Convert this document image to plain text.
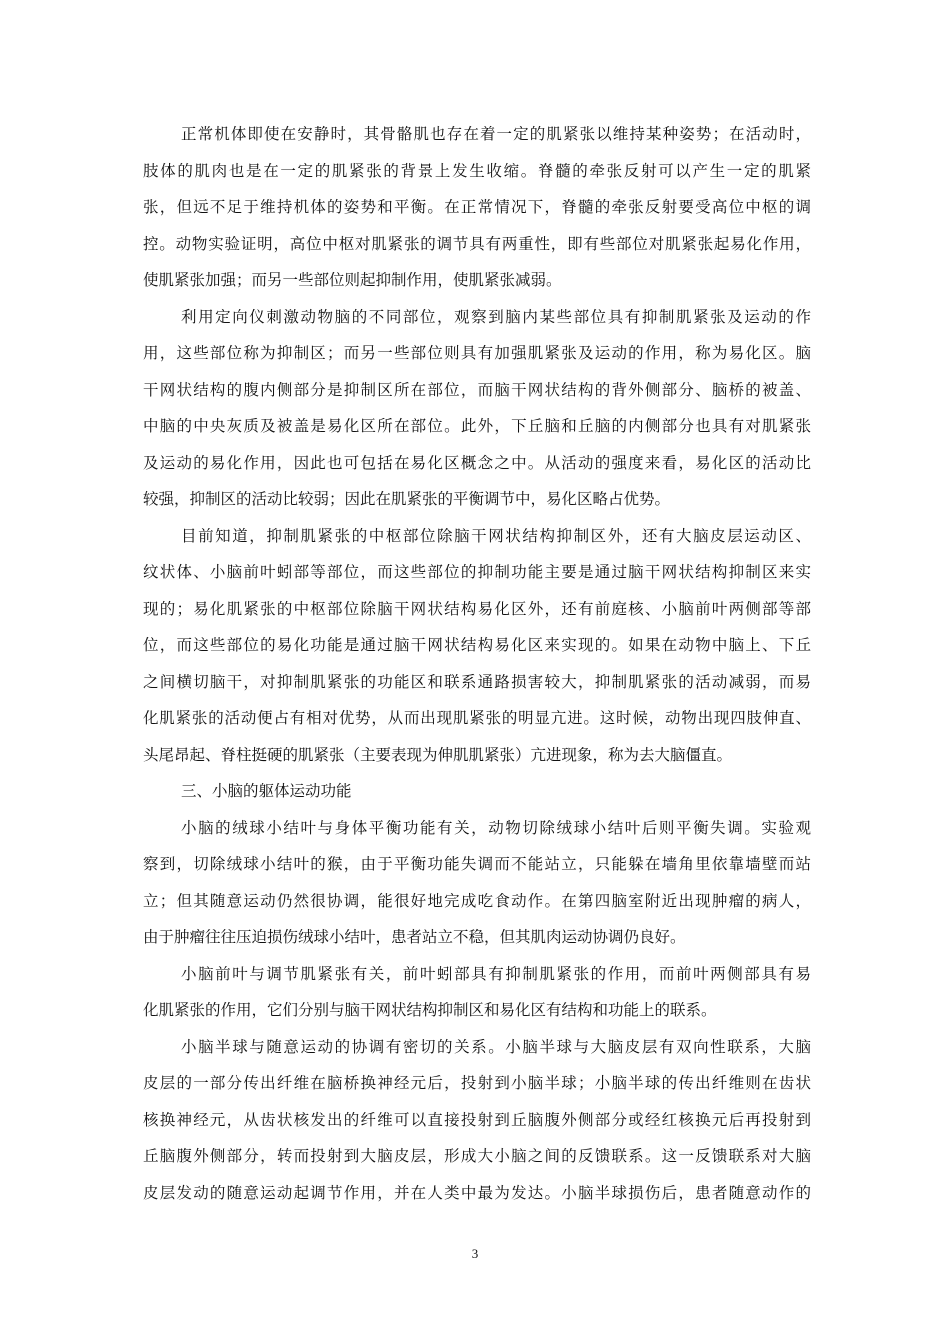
正常机体即使在安静时，其骨骼肌也存在着一定的肌紧张以维持某种姿势；在活动时，
肢体的肌肉也是在一定的肌紧张的背景上发生收缩。脊髓的牵张反射可以产生一定的肌紧
张，但远不足于维持机体的姿势和平衡。在正常情况下，脊髓的牵张反射要受高位中枢的调
控。动物实验证明，高位中枢对肌紧张的调节具有两重性，即有些部位对肌紧张起易化作用，
使肌紧张加强；而另一些部位则起抑制作用，使肌紧张减弱。
利用定向仪刺激动物脑的不同部位，观察到脑内某些部位具有抑制肌紧张及运动的作
用，这些部位称为抑制区；而另一些部位则具有加强肌紧张及运动的作用，称为易化区。脑
干网状结构的腹内侧部分是抑制区所在部位，而脑干网状结构的背外侧部分、脑桥的被盖、
中脑的中央灰质及被盖是易化区所在部位。此外，下丘脑和丘脑的内侧部分也具有对肌紧张
及运动的易化作用，因此也可包括在易化区概念之中。从活动的强度来看，易化区的活动比
较强，抑制区的活动比较弱；因此在肌紧张的平衡调节中，易化区略占优势。
目前知道，抑制肌紧张的中枢部位除脑干网状结构抑制区外，还有大脑皮层运动区、
纹状体、小脑前叶蚓部等部位，而这些部位的抑制功能主要是通过脑干网状结构抑制区来实
现的；易化肌紧张的中枢部位除脑干网状结构易化区外，还有前庭核、小脑前叶两侧部等部
位，而这些部位的易化功能是通过脑干网状结构易化区来实现的。如果在动物中脑上、下丘
之间横切脑干，对抑制肌紧张的功能区和联系通路损害较大，抑制肌紧张的活动减弱，而易
化肌紧张的活动便占有相对优势，从而出现肌紧张的明显亢进。这时候，动物出现四肢伸直、
头尾昂起、脊柱挺硬的肌紧张（主要表现为伸肌肌紧张）亢进现象，称为去大脑僵直。
三、小脑的躯体运动功能
小脑的绒球小结叶与身体平衡功能有关，动物切除绒球小结叶后则平衡失调。实验观
察到，切除绒球小结叶的猴，由于平衡功能失调而不能站立，只能躲在墙角里依靠墙壁而站
立；但其随意运动仍然很协调，能很好地完成吃食动作。在第四脑室附近出现肿瘤的病人，
由于肿瘤往往压迫损伤绒球小结叶，患者站立不稳，但其肌肉运动协调仍良好。
小脑前叶与调节肌紧张有关，前叶蚓部具有抑制肌紧张的作用，而前叶两侧部具有易
化肌紧张的作用，它们分别与脑干网状结构抑制区和易化区有结构和功能上的联系。
小脑半球与随意运动的协调有密切的关系。小脑半球与大脑皮层有双向性联系，大脑
皮层的一部分传出纤维在脑桥换神经元后，投射到小脑半球；小脑半球的传出纤维则在齿状
核换神经元，从齿状核发出的纤维可以直接投射到丘脑腹外侧部分或经红核换元后再投射到
丘脑腹外侧部分，转而投射到大脑皮层，形成大小脑之间的反馈联系。这一反馈联系对大脑
皮层发动的随意运动起调节作用，并在人类中最为发达。小脑半球损伤后，患者随意动作的
3
